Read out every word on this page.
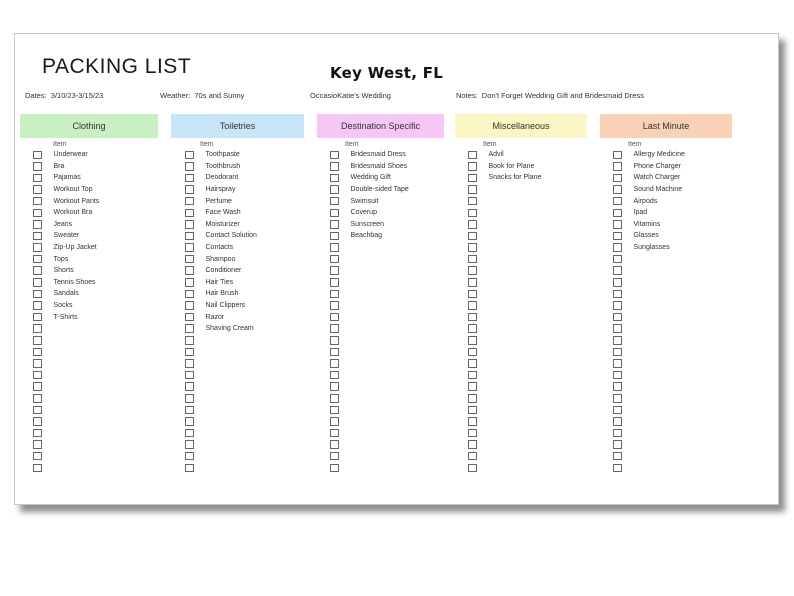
PACKING LIST	Key West, FL
Dates: 3/10/23-3/15/23	Weather: 70s and Sunny	OccasioKatie's Wedding	Notes: Don't Forget Wedding Gift and Bridesmaid Dress
Clothing
Item
Underwear
Bra
Pajamas
Workout Top
Workout Pants
Workout Bra
Jeans
Sweater
Zip-Up Jacket
Tops
Shorts
Tennis Shoes
Sandals
Socks
T-Shirts
Toiletries
Item
Toothpaste
Toothbrush
Deodorant
Hairspray
Perfume
Face Wash
Moisturizer
Contact Solution
Contacts
Shampoo
Conditioner
Hair Ties
Hair Brush
Nail Clippers
Razor
Shaving Cream
Destination Specific
Item
Bridesmaid Dress
Bridesmaid Shoes
Wedding Gift
Double-sided Tape
Swimsuit
Coverup
Sunscreen
Beachbag
Miscellaneous
Item
Advil
Book for Plane
Snacks for Plane
Last Minute
Item
Allergy Medicine
Phone Charger
Watch Charger
Sound Machine
Airpods
Ipad
Vitamins
Glasses
Sunglasses
